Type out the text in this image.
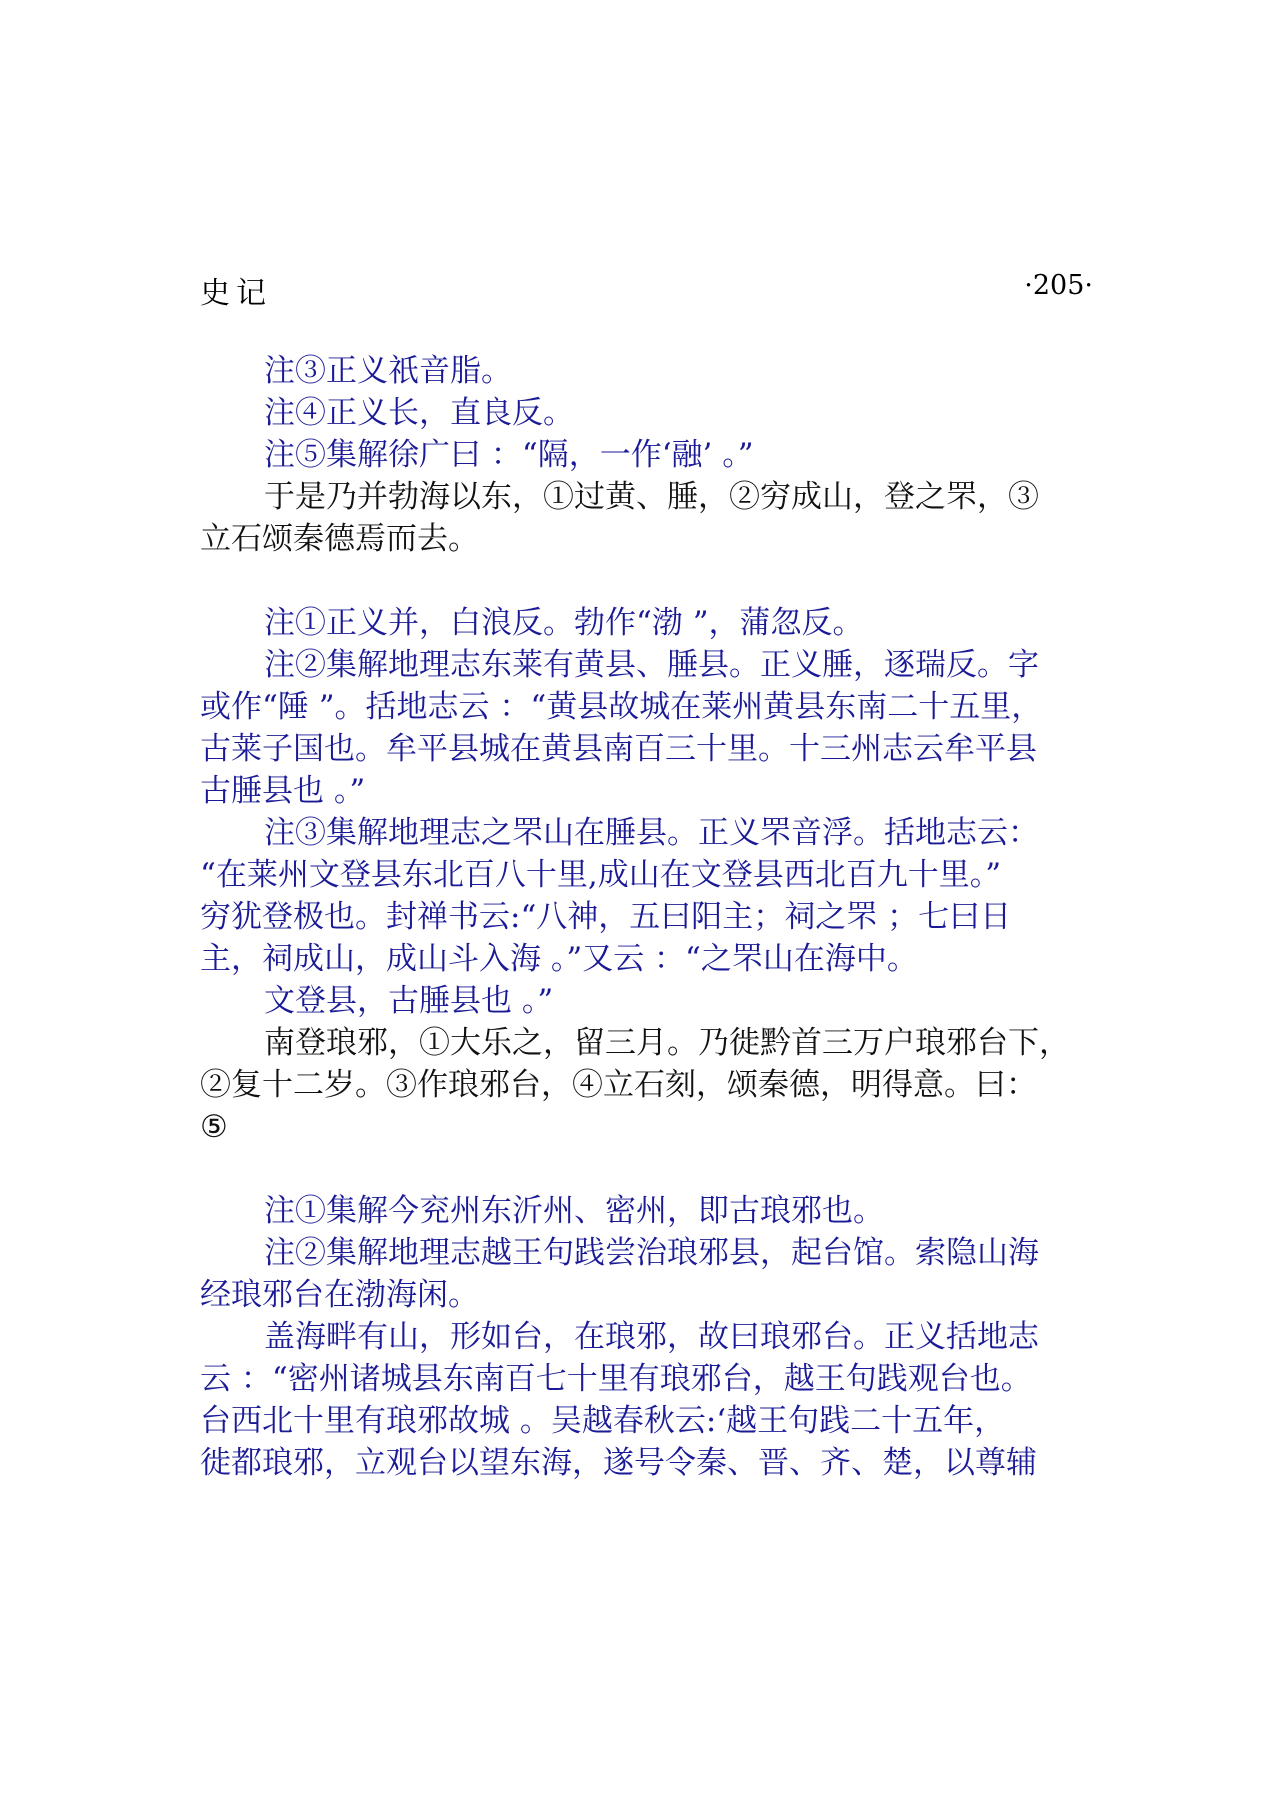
史记	·205·
注③正义祇音脂。
注④正义长，直良反。
注⑤集解徐广曰 ：“隔，一作‘融’ 。”
于是乃并勃海以东，①过黄、腄，②穷成山，登之罘，③
立石颂秦德焉而去。
注①正义并，白浪反。勃作“渤 ”，蒲忽反。
注②集解地理志东莱有黄县、腄县。正义腄，逐瑞反。字
或作“陲 ”。括地志云 ：“黄县故城在莱州黄县东南二十五里，
古莱子国也。牟平县城在黄县南百三十里。十三州志云牟平县
古腄县也 。”
注③集解地理志之罘山在腄县。正义罘音浮。括地志云：
“在莱州文登县东北百八十里,成山在文登县西北百九十里。”
穷犹登极也。封禅书云:“八神，五曰阳主；祠之罘 ；七曰日
主，祠成山，成山斗入海 。”又云 ：“之罘山在海中。
文登县，古腄县也 。”
南登琅邪，①大乐之，留三月。乃徙黔首三万户琅邪台下，
②复十二岁。③作琅邪台，④立石刻，颂秦德，明得意。曰：
⑤
注①集解今兖州东沂州、密州，即古琅邪也。
注②集解地理志越王句践尝治琅邪县，起台馆。索隐山海
经琅邪台在渤海闲。
盖海畔有山，形如台，在琅邪，故曰琅邪台。正义括地志
云 ：“密州诸城县东南百七十里有琅邪台，越王句践观台也。
台西北十里有琅邪故城 。吴越春秋云:‘越王句践二十五年，
徙都琅邪，立观台以望东海，遂号令秦、晋、齐、楚，以尊辅
